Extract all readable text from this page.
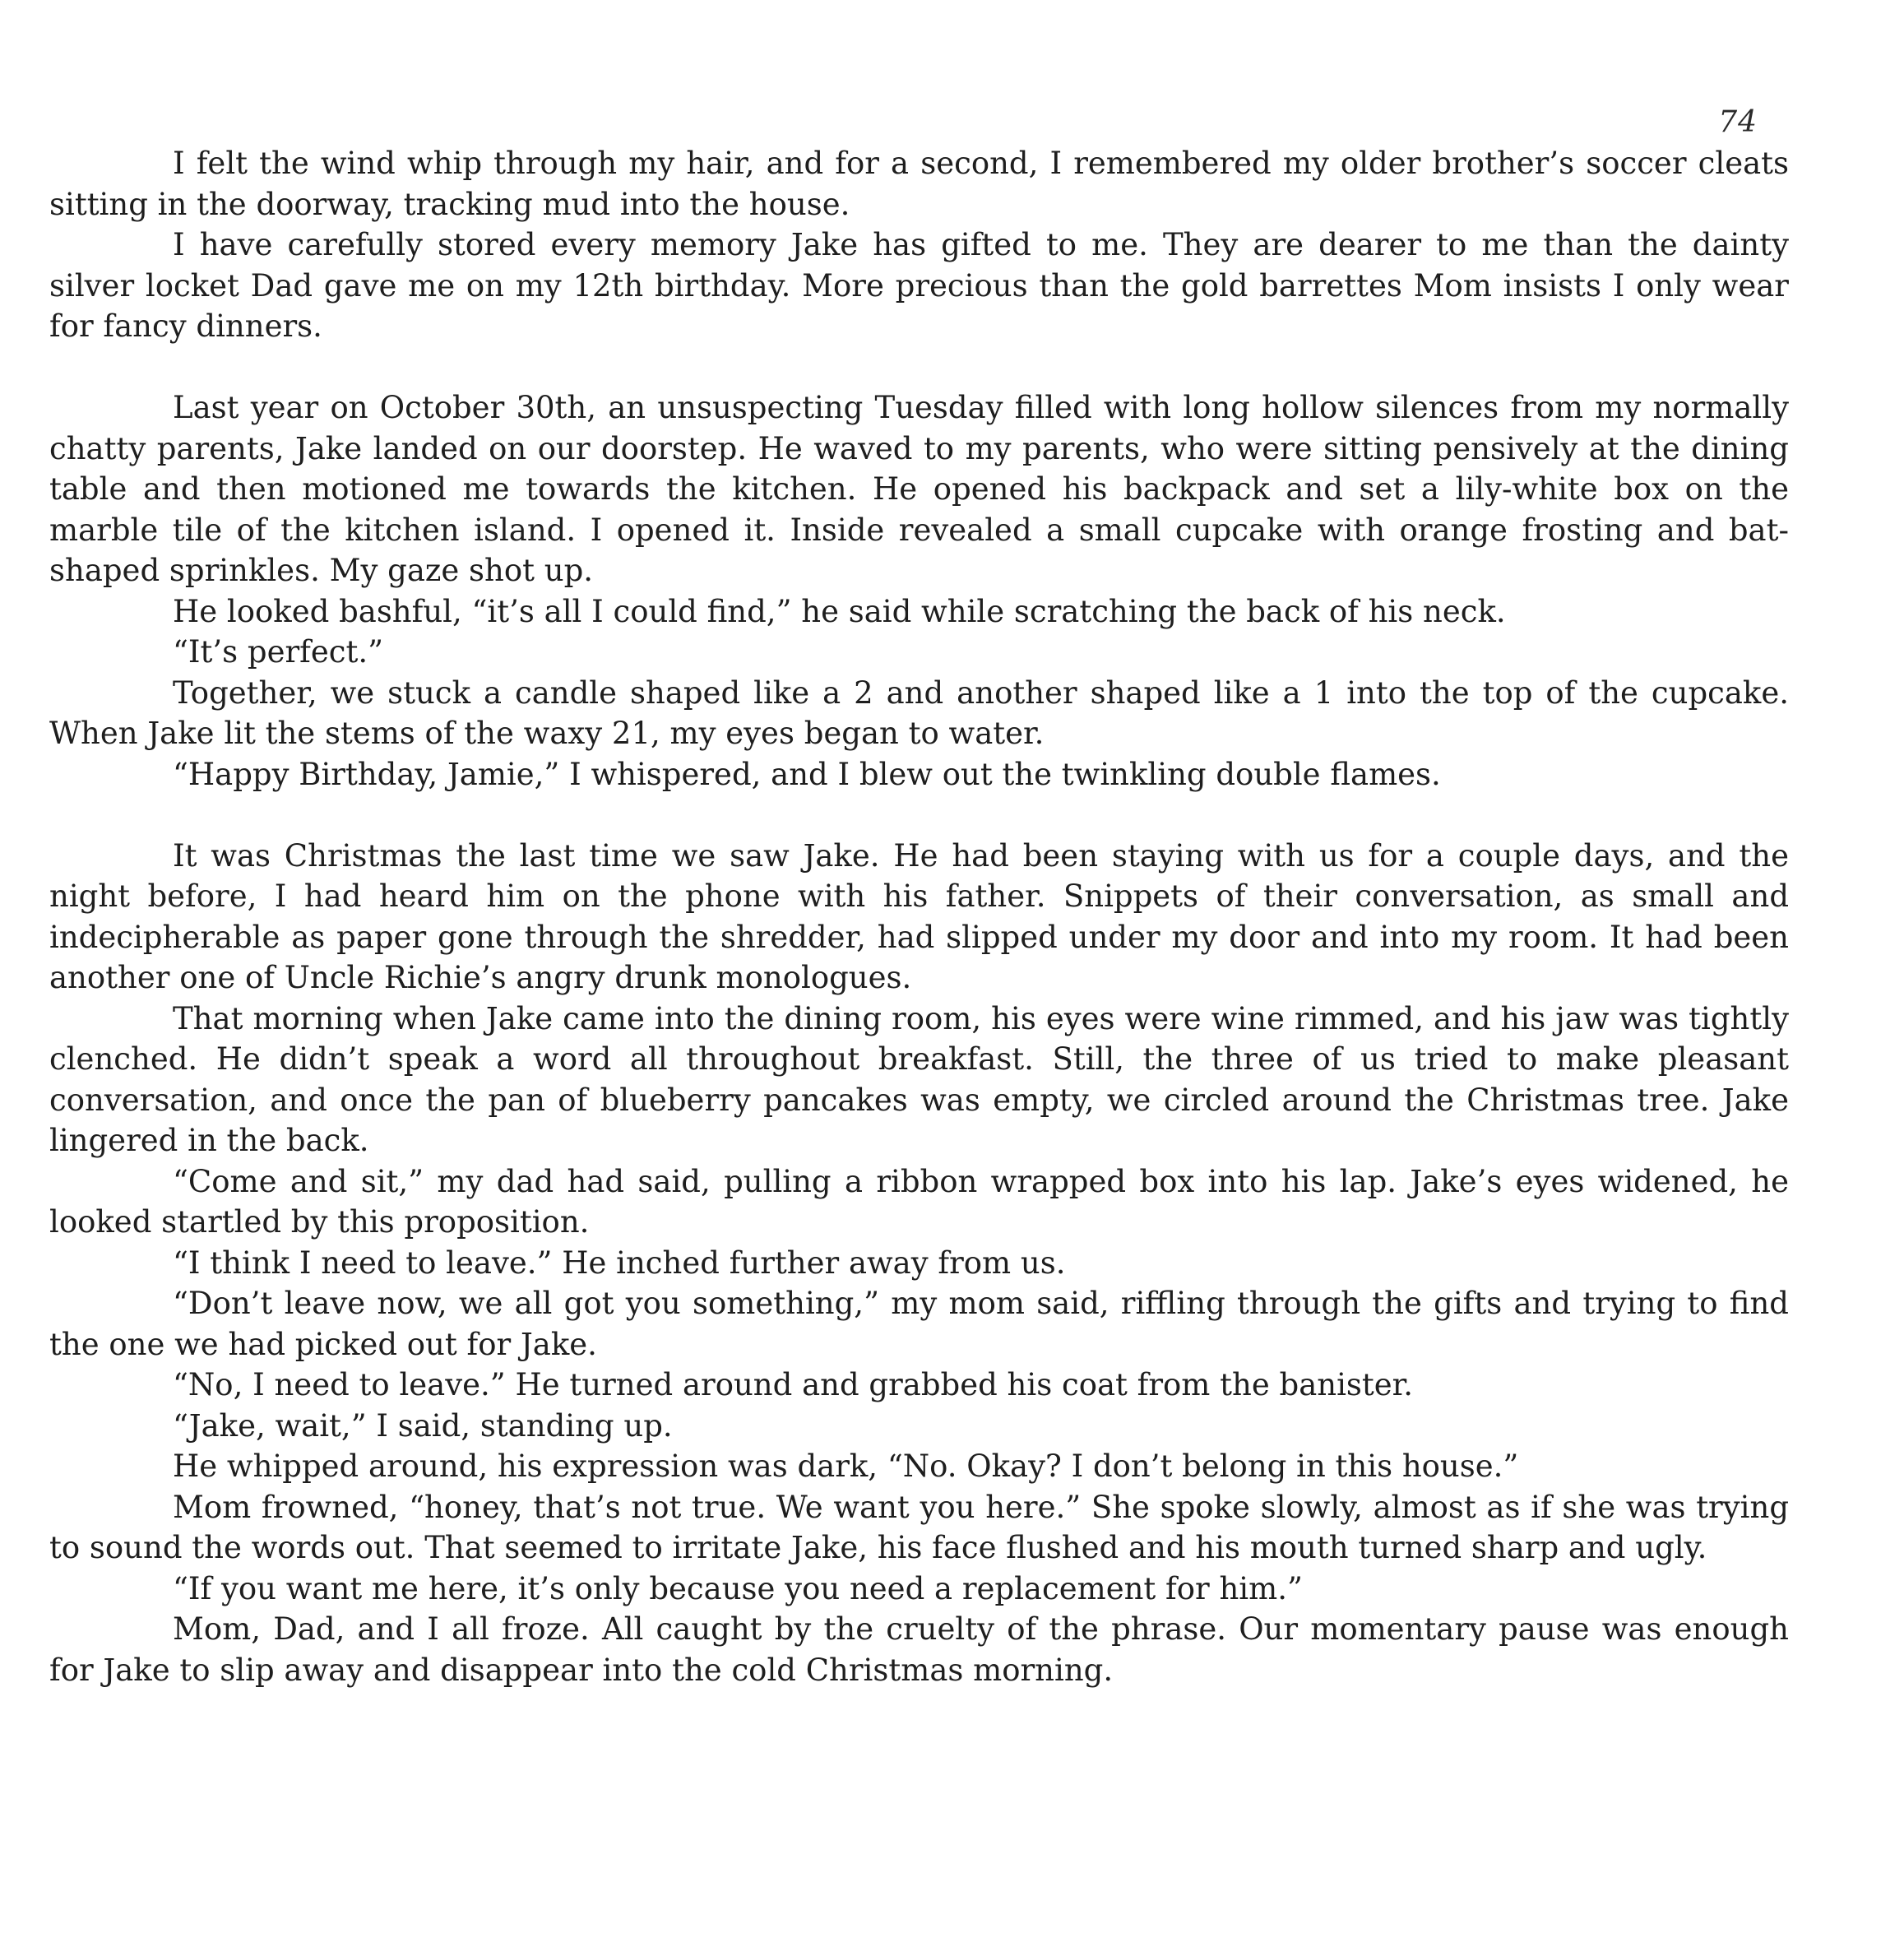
74

I felt the wind whip through my hair, and for a second, I remembered my older brother’s soccer cleats sitting in the doorway, tracking mud into the house.

I have carefully stored every memory Jake has gifted to me. They are dearer to me than the dainty silver locket Dad gave me on my 12th birthday. More precious than the gold barrettes Mom insists I only wear for fancy dinners.

Last year on October 30th, an unsuspecting Tuesday filled with long hollow silences from my normally chatty parents, Jake landed on our doorstep. He waved to my parents, who were sitting pensively at the dining table and then motioned me towards the kitchen. He opened his backpack and set a lily-white box on the marble tile of the kitchen island. I opened it. Inside revealed a small cupcake with orange frosting and bat-shaped sprinkles. My gaze shot up.

He looked bashful, “it’s all I could find,” he said while scratching the back of his neck.

“It’s perfect.”

Together, we stuck a candle shaped like a 2 and another shaped like a 1 into the top of the cupcake. When Jake lit the stems of the waxy 21, my eyes began to water.

“Happy Birthday, Jamie,” I whispered, and I blew out the twinkling double flames.

It was Christmas the last time we saw Jake. He had been staying with us for a couple days, and the night before, I had heard him on the phone with his father. Snippets of their conversation, as small and indecipherable as paper gone through the shredder, had slipped under my door and into my room. It had been another one of Uncle Richie’s angry drunk monologues.

That morning when Jake came into the dining room, his eyes were wine rimmed, and his jaw was tightly clenched. He didn’t speak a word all throughout breakfast. Still, the three of us tried to make pleasant conversation, and once the pan of blueberry pancakes was empty, we circled around the Christmas tree. Jake lingered in the back.

“Come and sit,” my dad had said, pulling a ribbon wrapped box into his lap. Jake’s eyes widened, he looked startled by this proposition.

“I think I need to leave.” He inched further away from us.

“Don’t leave now, we all got you something,” my mom said, riffling through the gifts and trying to find the one we had picked out for Jake.

“No, I need to leave.” He turned around and grabbed his coat from the banister.

“Jake, wait,” I said, standing up.

He whipped around, his expression was dark, “No. Okay? I don’t belong in this house.”

Mom frowned, “honey, that’s not true. We want you here.” She spoke slowly, almost as if she was trying to sound the words out. That seemed to irritate Jake, his face flushed and his mouth turned sharp and ugly.

“If you want me here, it’s only because you need a replacement for him.”

Mom, Dad, and I all froze. All caught by the cruelty of the phrase. Our momentary pause was enough for Jake to slip away and disappear into the cold Christmas morning.
